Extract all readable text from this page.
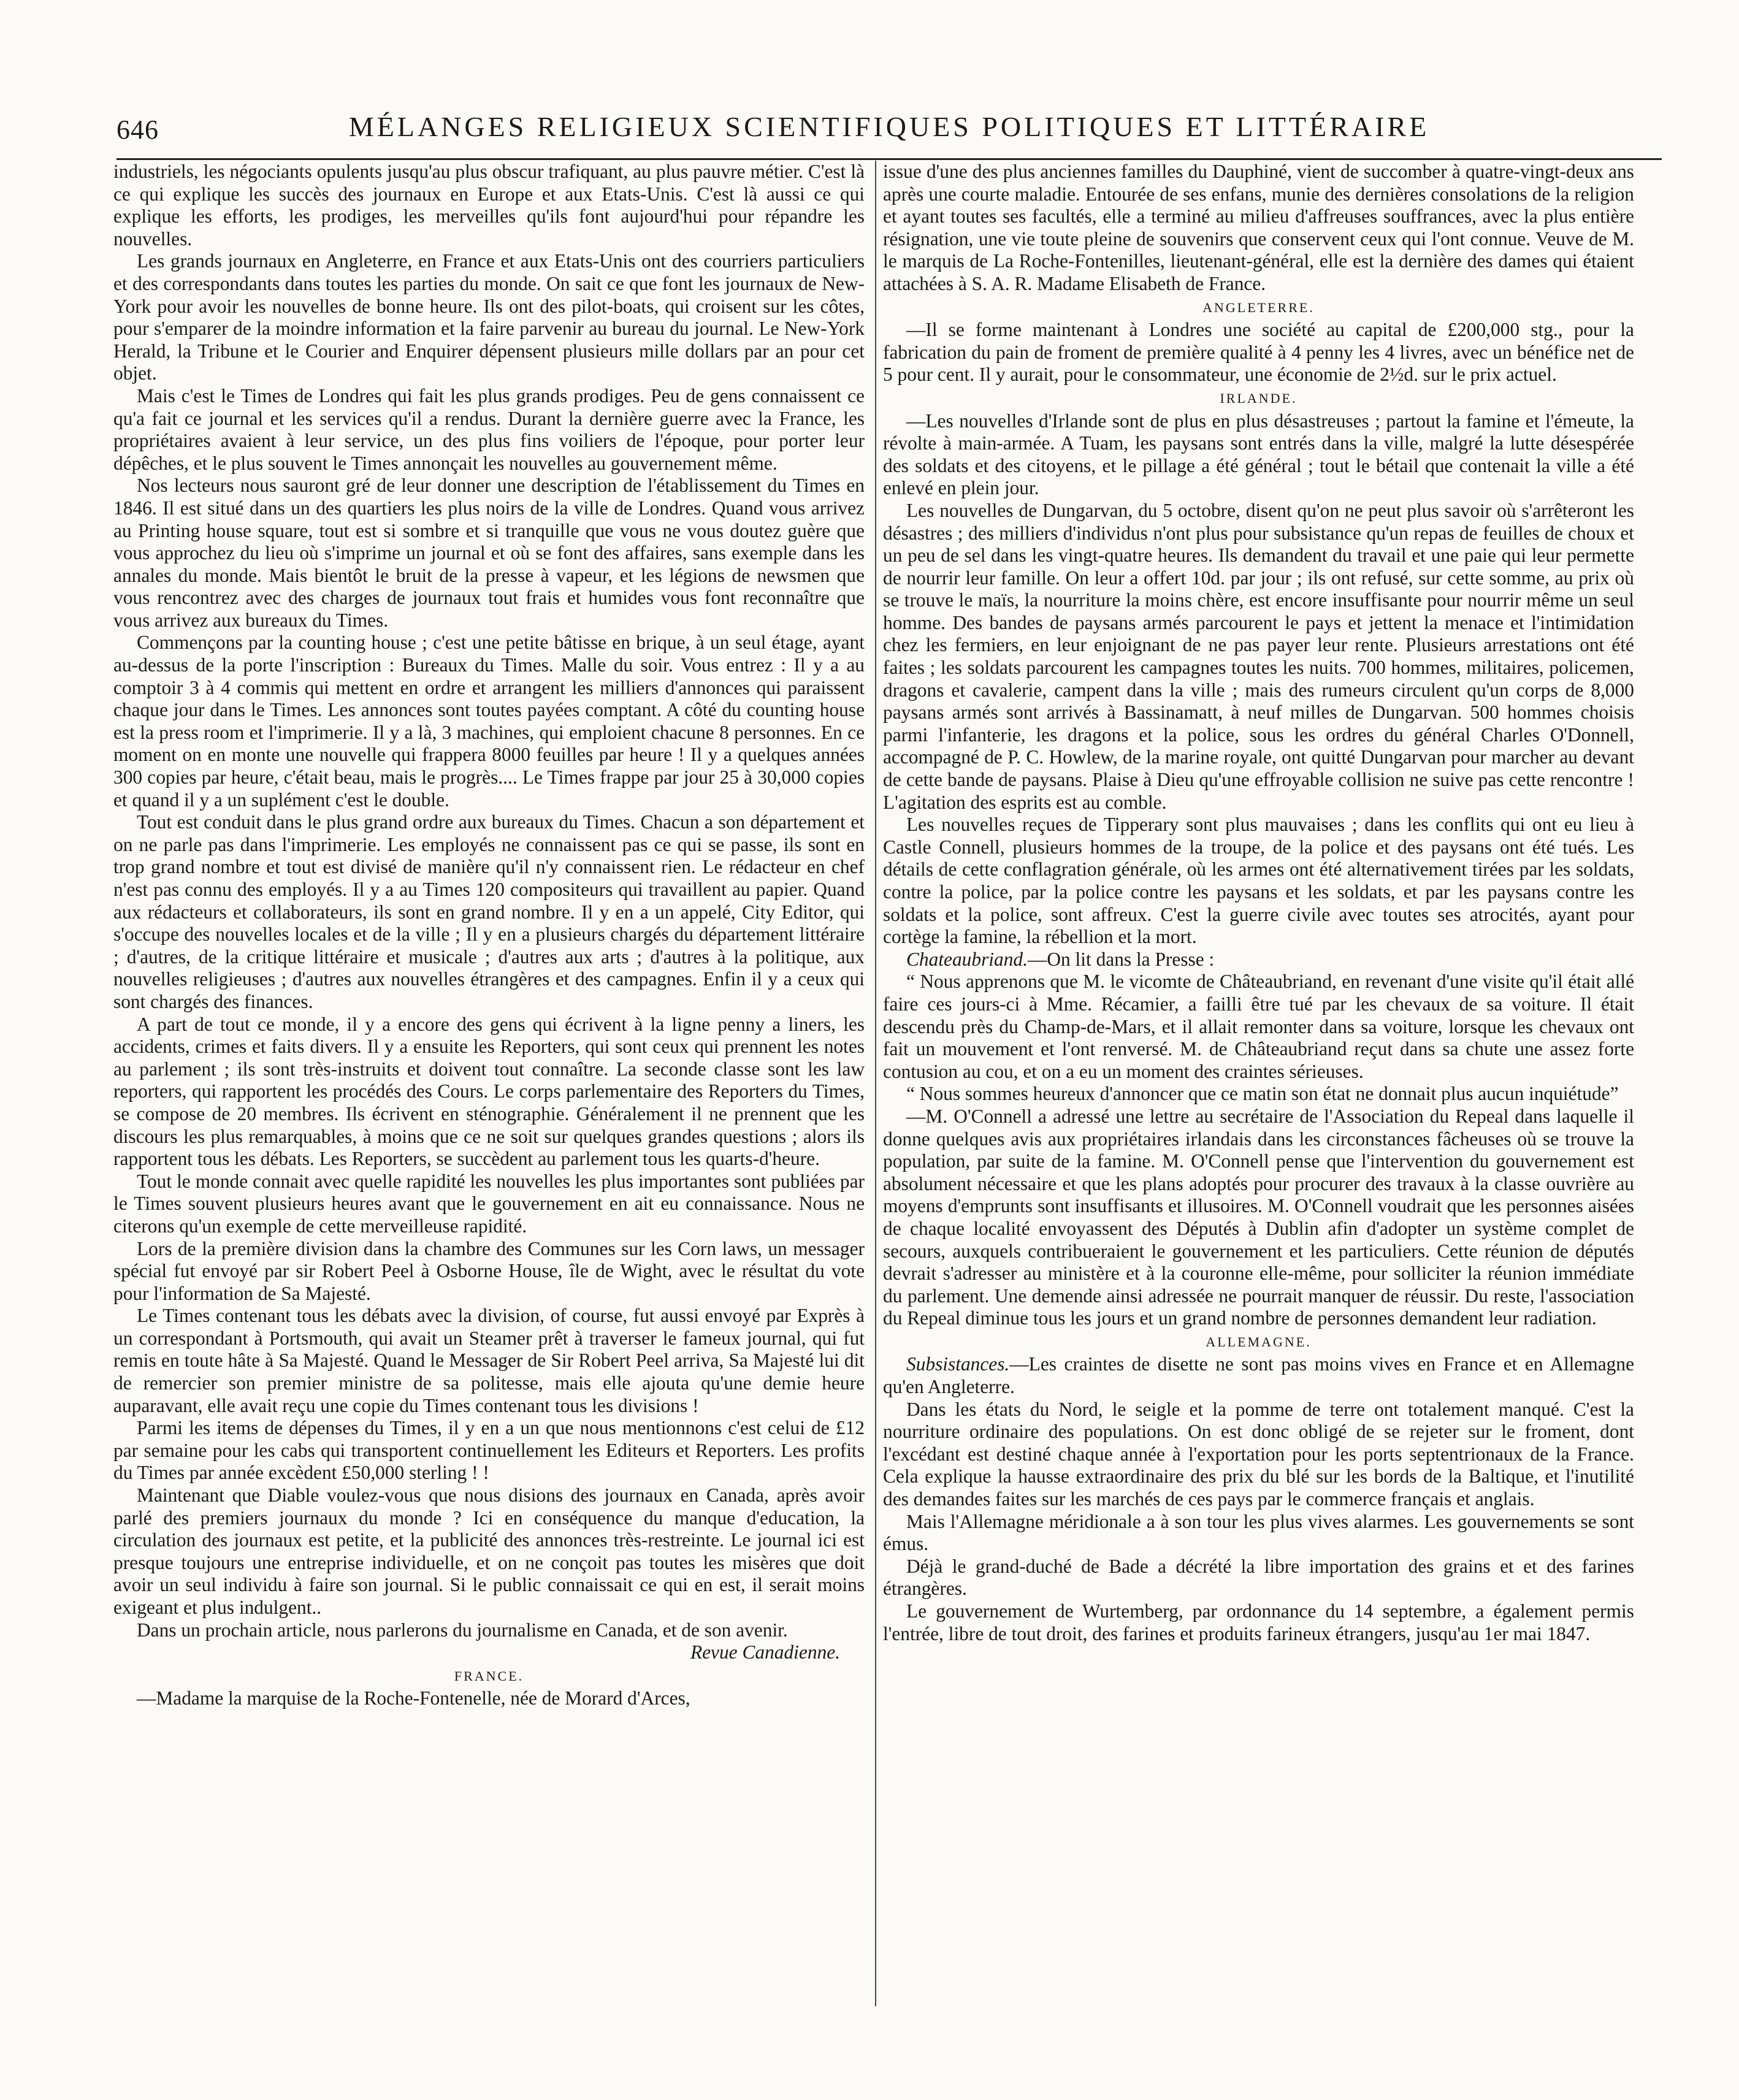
646	MÉLANGES RELIGIEUX SCIENTIFIQUES POLITIQUES ET LITTÉRAIRE

industriels, les négociants opulents jusqu'au plus obscur trafiquant, au plus pauvre métier. C'est là ce qui explique les succès des journaux en Europe et aux Etats-Unis. C'est là aussi ce qui explique les efforts, les prodiges, les merveilles qu'ils font aujourd'hui pour répandre les nouvelles.

Les grands journaux en Angleterre, en France et aux Etats-Unis ont des courriers particuliers et des correspondants dans toutes les parties du monde. On sait ce que font les journaux de New-York pour avoir les nouvelles de bonne heure. Ils ont des pilot-boats, qui croisent sur les côtes, pour s'emparer de la moindre information et la faire parvenir au bureau du journal. Le New-York Herald, la Tribune et le Courier and Enquirer dépensent plusieurs mille dollars par an pour cet objet.

Mais c'est le Times de Londres qui fait les plus grands prodiges. Peu de gens connaissent ce qu'a fait ce journal et les services qu'il a rendus. Durant la dernière guerre avec la France, les propriétaires avaient à leur service, un des plus fins voiliers de l'époque, pour porter leur dépêches, et le plus souvent le Times annonçait les nouvelles au gouvernement même.

Nos lecteurs nous sauront gré de leur donner une description de l'établissement du Times en 1846. Il est situé dans un des quartiers les plus noirs de la ville de Londres. Quand vous arrivez au Printing house square, tout est si sombre et si tranquille que vous ne vous doutez guère que vous approchez du lieu où s'imprime un journal et où se font des affaires, sans exemple dans les annales du monde. Mais bientôt le bruit de la presse à vapeur, et les légions de newsmen que vous rencontrez avec des charges de journaux tout frais et humides vous font reconnaître que vous arrivez aux bureaux du Times.

Commençons par la counting house ; c'est une petite bâtisse en brique, à un seul étage, ayant au-dessus de la porte l'inscription : Bureaux du Times. Malle du soir. Vous entrez : Il y a au comptoir 3 à 4 commis qui mettent en ordre et arrangent les milliers d'annonces qui paraissent chaque jour dans le Times. Les annonces sont toutes payées comptant. A côté du counting house est la press room et l'imprimerie. Il y a là, 3 machines, qui emploient chacune 8 personnes. En ce moment on en monte une nouvelle qui frappera 8000 feuilles par heure ! Il y a quelques années 300 copies par heure, c'était beau, mais le progrès.... Le Times frappe par jour 25 à 30,000 copies et quand il y a un suplément c'est le double.

Tout est conduit dans le plus grand ordre aux bureaux du Times. Chacun a son département et on ne parle pas dans l'imprimerie. Les employés ne connaissent pas ce qui se passe, ils sont en trop grand nombre et tout est divisé de manière qu'il n'y connaissent rien. Le rédacteur en chef n'est pas connu des employés. Il y a au Times 120 compositeurs qui travaillent au papier. Quand aux rédacteurs et collaborateurs, ils sont en grand nombre. Il y en a un appelé, City Editor, qui s'occupe des nouvelles locales et de la ville ; Il y en a plusieurs chargés du département littéraire ; d'autres, de la critique littéraire et musicale ; d'autres aux arts ; d'autres à la politique, aux nouvelles religieuses ; d'autres aux nouvelles étrangères et des campagnes. Enfin il y a ceux qui sont chargés des finances.

A part de tout ce monde, il y a encore des gens qui écrivent à la ligne penny a liners, les accidents, crimes et faits divers. Il y a ensuite les Reporters, qui sont ceux qui prennent les notes au parlement ; ils sont très-instruits et doivent tout connaître. La seconde classe sont les law reporters, qui rapportent les procédés des Cours. Le corps parlementaire des Reporters du Times, se compose de 20 membres. Ils écrivent en sténographie. Généralement il ne prennent que les discours les plus remarquables, à moins que ce ne soit sur quelques grandes questions ; alors ils rapportent tous les débats. Les Reporters, se succèdent au parlement tous les quarts-d'heure.

Tout le monde connait avec quelle rapidité les nouvelles les plus importantes sont publiées par le Times souvent plusieurs heures avant que le gouvernement en ait eu connaissance. Nous ne citerons qu'un exemple de cette merveilleuse rapidité.

Lors de la première division dans la chambre des Communes sur les Corn laws, un messager spécial fut envoyé par sir Robert Peel à Osborne House, île de Wight, avec le résultat du vote pour l'information de Sa Majesté.

Le Times contenant tous les débats avec la division, of course, fut aussi envoyé par Exprès à un correspondant à Portsmouth, qui avait un Steamer prêt à traverser le fameux journal, qui fut remis en toute hâte à Sa Majesté. Quand le Messager de Sir Robert Peel arriva, Sa Majesté lui dit de remercier son premier ministre de sa politesse, mais elle ajouta qu'une demie heure auparavant, elle avait reçu une copie du Times contenant tous les divisions !

Parmi les items de dépenses du Times, il y en a un que nous mentionnons c'est celui de £12 par semaine pour les cabs qui transportent continuellement les Editeurs et Reporters. Les profits du Times par année excèdent £50,000 sterling ! !

Maintenant que Diable voulez-vous que nous disions des journaux en Canada, après avoir parlé des premiers journaux du monde ? Ici en conséquence du manque d'education, la circulation des journaux est petite, et la publicité des annonces très-restreinte. Le journal ici est presque toujours une entreprise individuelle, et on ne conçoit pas toutes les misères que doit avoir un seul individu à faire son journal. Si le public connaissait ce qui en est, il serait moins exigeant et plus indulgent..

Dans un prochain article, nous parlerons du journalisme en Canada, et de son avenir.

Revue Canadienne.

FRANCE.

—Madame la marquise de la Roche-Fontenelle, née de Morard d'Arces,

issue d'une des plus anciennes familles du Dauphiné, vient de succomber à quatre-vingt-deux ans après une courte maladie. Entourée de ses enfans, munie des dernières consolations de la religion et ayant toutes ses facultés, elle a terminé au milieu d'affreuses souffrances, avec la plus entière résignation, une vie toute pleine de souvenirs que conservent ceux qui l'ont connue. Veuve de M. le marquis de La Roche-Fontenilles, lieutenant-général, elle est la dernière des dames qui étaient attachées à S. A. R. Madame Elisabeth de France.

ANGLETERRE.

—Il se forme maintenant à Londres une société au capital de £200,000 stg., pour la fabrication du pain de froment de première qualité à 4 penny les 4 livres, avec un bénéfice net de 5 pour cent. Il y aurait, pour le consommateur, une économie de 2½d. sur le prix actuel.

IRLANDE.

—Les nouvelles d'Irlande sont de plus en plus désastreuses ; partout la famine et l'émeute, la révolte à main-armée. A Tuam, les paysans sont entrés dans la ville, malgré la lutte désespérée des soldats et des citoyens, et le pillage a été général ; tout le bétail que contenait la ville a été enlevé en plein jour.

Les nouvelles de Dungarvan, du 5 octobre, disent qu'on ne peut plus savoir où s'arrêteront les désastres ; des milliers d'individus n'ont plus pour subsistance qu'un repas de feuilles de choux et un peu de sel dans les vingt-quatre heures. Ils demandent du travail et une paie qui leur permette de nourrir leur famille. On leur a offert 10d. par jour ; ils ont refusé, sur cette somme, au prix où se trouve le maïs, la nourriture la moins chère, est encore insuffisante pour nourrir même un seul homme. Des bandes de paysans armés parcourent le pays et jettent la menace et l'intimidation chez les fermiers, en leur enjoignant de ne pas payer leur rente. Plusieurs arrestations ont été faites ; les soldats parcourent les campagnes toutes les nuits. 700 hommes, militaires, policemen, dragons et cavalerie, campent dans la ville ; mais des rumeurs circulent qu'un corps de 8,000 paysans armés sont arrivés à Bassinamatt, à neuf milles de Dungarvan. 500 hommes choisis parmi l'infanterie, les dragons et la police, sous les ordres du général Charles O'Donnell, accompagné de P. C. Howlew, de la marine royale, ont quitté Dungarvan pour marcher au devant de cette bande de paysans. Plaise à Dieu qu'une effroyable collision ne suive pas cette rencontre ! L'agitation des esprits est au comble.

Les nouvelles reçues de Tipperary sont plus mauvaises ; dans les conflits qui ont eu lieu à Castle Connell, plusieurs hommes de la troupe, de la police et des paysans ont été tués. Les détails de cette conflagration générale, où les armes ont été alternativement tirées par les soldats, contre la police, par la police contre les paysans et les soldats, et par les paysans contre les soldats et la police, sont affreux. C'est la guerre civile avec toutes ses atrocités, ayant pour cortège la famine, la rébellion et la mort.

Chateaubriand.—On lit dans la Presse :

“ Nous apprenons que M. le vicomte de Châteaubriand, en revenant d'une visite qu'il était allé faire ces jours-ci à Mme. Récamier, a failli être tué par les chevaux de sa voiture. Il était descendu près du Champ-de-Mars, et il allait remonter dans sa voiture, lorsque les chevaux ont fait un mouvement et l'ont renversé. M. de Châteaubriand reçut dans sa chute une assez forte contusion au cou, et on a eu un moment des craintes sérieuses.

“ Nous sommes heureux d'annoncer que ce matin son état ne donnait plus aucun inquiétude”

—M. O'Connell a adressé une lettre au secrétaire de l'Association du Repeal dans laquelle il donne quelques avis aux propriétaires irlandais dans les circonstances fâcheuses où se trouve la population, par suite de la famine. M. O'Connell pense que l'intervention du gouvernement est absolument nécessaire et que les plans adoptés pour procurer des travaux à la classe ouvrière au moyens d'emprunts sont insuffisants et illusoires. M. O'Connell voudrait que les personnes aisées de chaque localité envoyassent des Députés à Dublin afin d'adopter un système complet de secours, auxquels contribueraient le gouvernement et les particuliers. Cette réunion de députés devrait s'adresser au ministère et à la couronne elle-même, pour solliciter la réunion immédiate du parlement. Une demende ainsi adressée ne pourrait manquer de réussir. Du reste, l'association du Repeal diminue tous les jours et un grand nombre de personnes demandent leur radiation.

ALLEMAGNE.

Subsistances.—Les craintes de disette ne sont pas moins vives en France et en Allemagne qu'en Angleterre.

Dans les états du Nord, le seigle et la pomme de terre ont totalement manqué. C'est la nourriture ordinaire des populations. On est donc obligé de se rejeter sur le froment, dont l'excédant est destiné chaque année à l'exportation pour les ports septentrionaux de la France. Cela explique la hausse extraordinaire des prix du blé sur les bords de la Baltique, et l'inutilité des demandes faites sur les marchés de ces pays par le commerce français et anglais.

Mais l'Allemagne méridionale a à son tour les plus vives alarmes. Les gouvernements se sont émus.

Déjà le grand-duché de Bade a décrété la libre importation des grains et et des farines étrangères.

Le gouvernement de Wurtemberg, par ordonnance du 14 septembre, a également permis l'entrée, libre de tout droit, des farines et produits farineux étrangers, jusqu'au 1er mai 1847.
